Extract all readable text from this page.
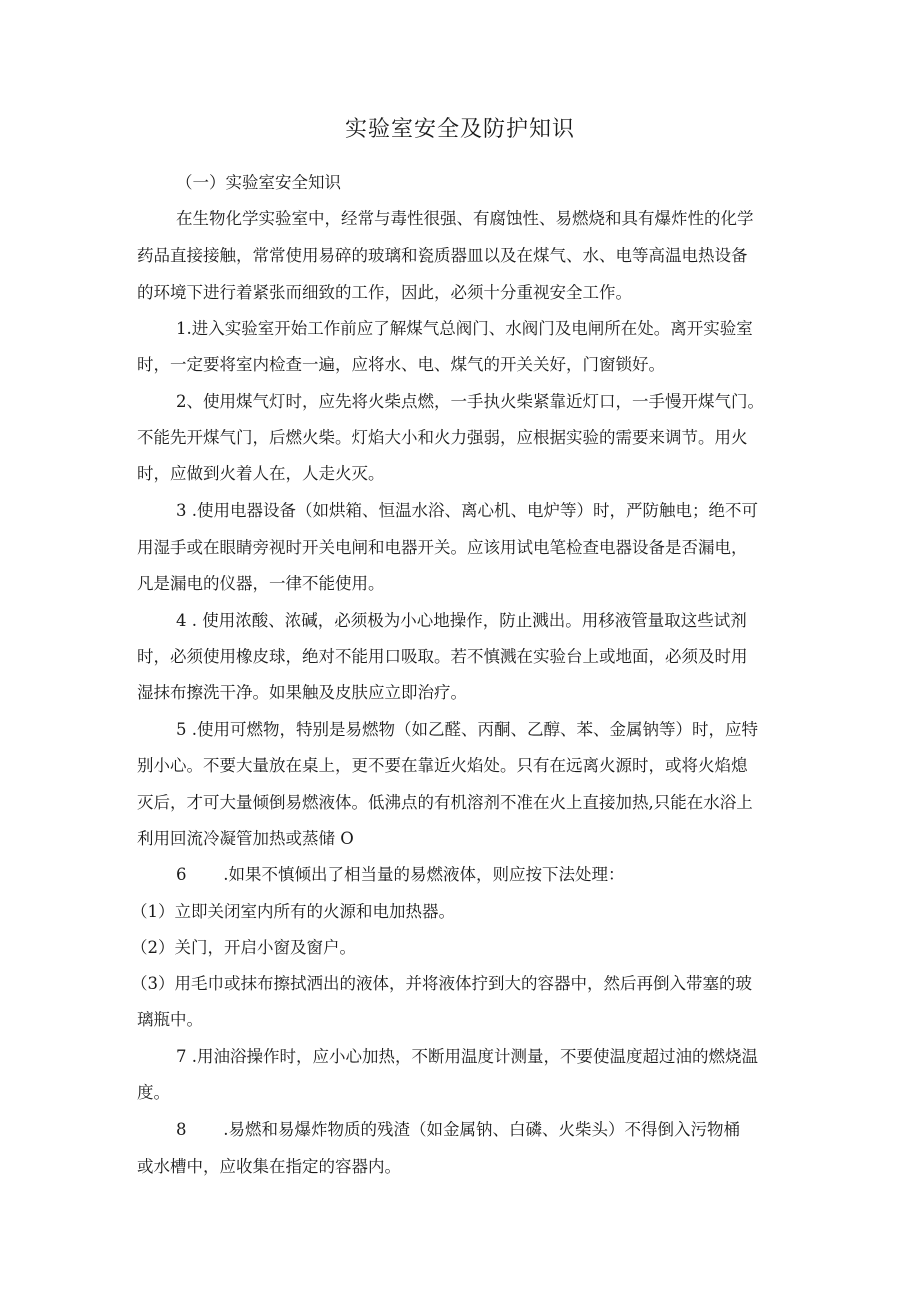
实验室安全及防护知识

（一）实验室安全知识

在生物化学实验室中，经常与毒性很强、有腐蚀性、易燃烧和具有爆炸性的化学

药品直接接触，常常使用易碎的玻璃和瓷质器皿以及在煤气、水、电等高温电热设备

的环境下进行着紧张而细致的工作，因此，必须十分重视安全工作。

1.进入实验室开始工作前应了解煤气总阀门、水阀门及电闸所在处。离开实验室

时，一定要将室内检查一遍，应将水、电、煤气的开关关好，门窗锁好。

2、使用煤气灯时，应先将火柴点燃，一手执火柴紧靠近灯口，一手慢开煤气门。

不能先开煤气门，后燃火柴。灯焰大小和火力强弱，应根据实验的需要来调节。用火

时，应做到火着人在，人走火灭。

3 .使用电器设备（如烘箱、恒温水浴、离心机、电炉等）时，严防触电；绝不可

用湿手或在眼睛旁视时开关电闸和电器开关。应该用试电笔检查电器设备是否漏电，

凡是漏电的仪器，一律不能使用。

4 . 使用浓酸、浓碱，必须极为小心地操作，防止溅出。用移液管量取这些试剂

时，必须使用橡皮球，绝对不能用口吸取。若不慎溅在实验台上或地面，必须及时用

湿抹布擦洗干净。如果触及皮肤应立即治疗。

5 .使用可燃物，特别是易燃物（如乙醛、丙酮、乙醇、苯、金属钠等）时，应特

别小心。不要大量放在桌上，更不要在靠近火焰处。只有在远离火源时，或将火焰熄

灭后，才可大量倾倒易燃液体。低沸点的有机溶剂不准在火上直接加热,只能在水浴上

利用回流冷凝管加热或蒸储 O

6       .如果不慎倾出了相当量的易燃液体，则应按下法处理：

（1）立即关闭室内所有的火源和电加热器。

（2）关门，开启小窗及窗户。

（3）用毛巾或抹布擦拭洒出的液体，并将液体拧到大的容器中，然后再倒入带塞的玻

璃瓶中。

7 .用油浴操作时，应小心加热，不断用温度计测量，不要使温度超过油的燃烧温

度。

8       .易燃和易爆炸物质的残渣（如金属钠、白磷、火柴头）不得倒入污物桶

或水槽中，应收集在指定的容器内。
